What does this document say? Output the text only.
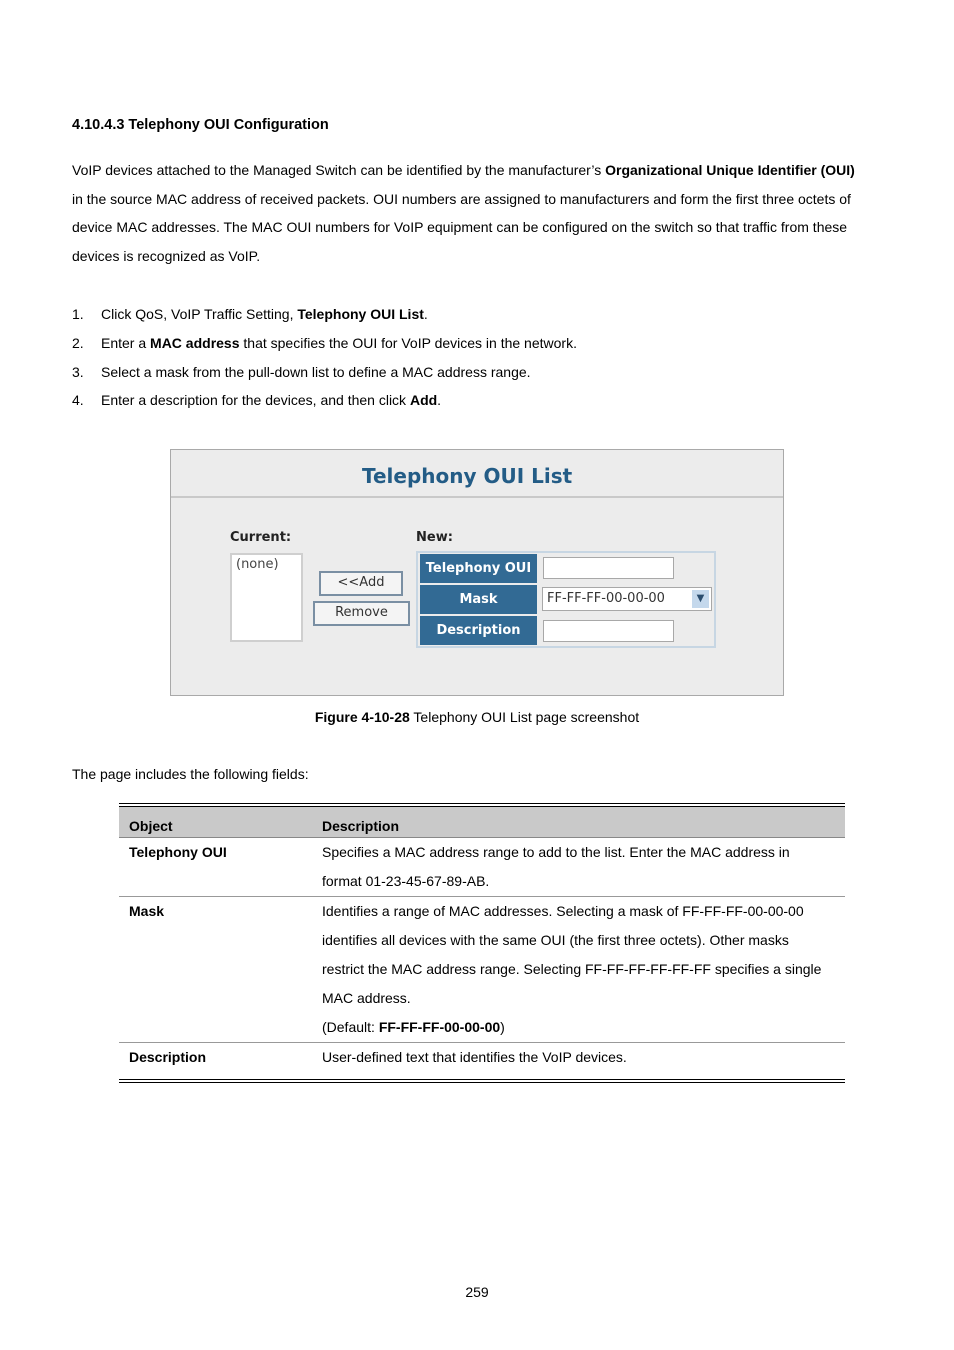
4.10.4.3 Telephony OUI Configuration
VoIP devices attached to the Managed Switch can be identified by the manufacturer’s Organizational Unique Identifier (OUI)
in the source MAC address of received packets. OUI numbers are assigned to manufacturers and form the first three octets of
device MAC addresses. The MAC OUI numbers for VoIP equipment can be configured on the switch so that traffic from these
devices is recognized as VoIP.
1. Click QoS, VoIP Traffic Setting, Telephony OUI List.
2. Enter a MAC address that specifies the OUI for VoIP devices in the network.
3. Select a mask from the pull-down list to define a MAC address range.
4. Enter a description for the devices, and then click Add.
Telephony OUI List
Current:	New:
(none)
<<Add
Remove
Telephony OUI
Mask	FF-FF-FF-00-00-00	▼
Description
Figure 4-10-28 Telephony OUI List page screenshot
The page includes the following fields:
Object	Description
Telephony OUI	Specifies a MAC address range to add to the list. Enter the MAC address in
format 01-23-45-67-89-AB.

Mask	Identifies a range of MAC addresses. Selecting a mask of FF-FF-FF-00-00-00
identifies all devices with the same OUI (the first three octets). Other masks
restrict the MAC address range. Selecting FF-FF-FF-FF-FF-FF specifies a single
MAC address.
(Default: FF-FF-FF-00-00-00)

Description	User-defined text that identifies the VoIP devices.
259
